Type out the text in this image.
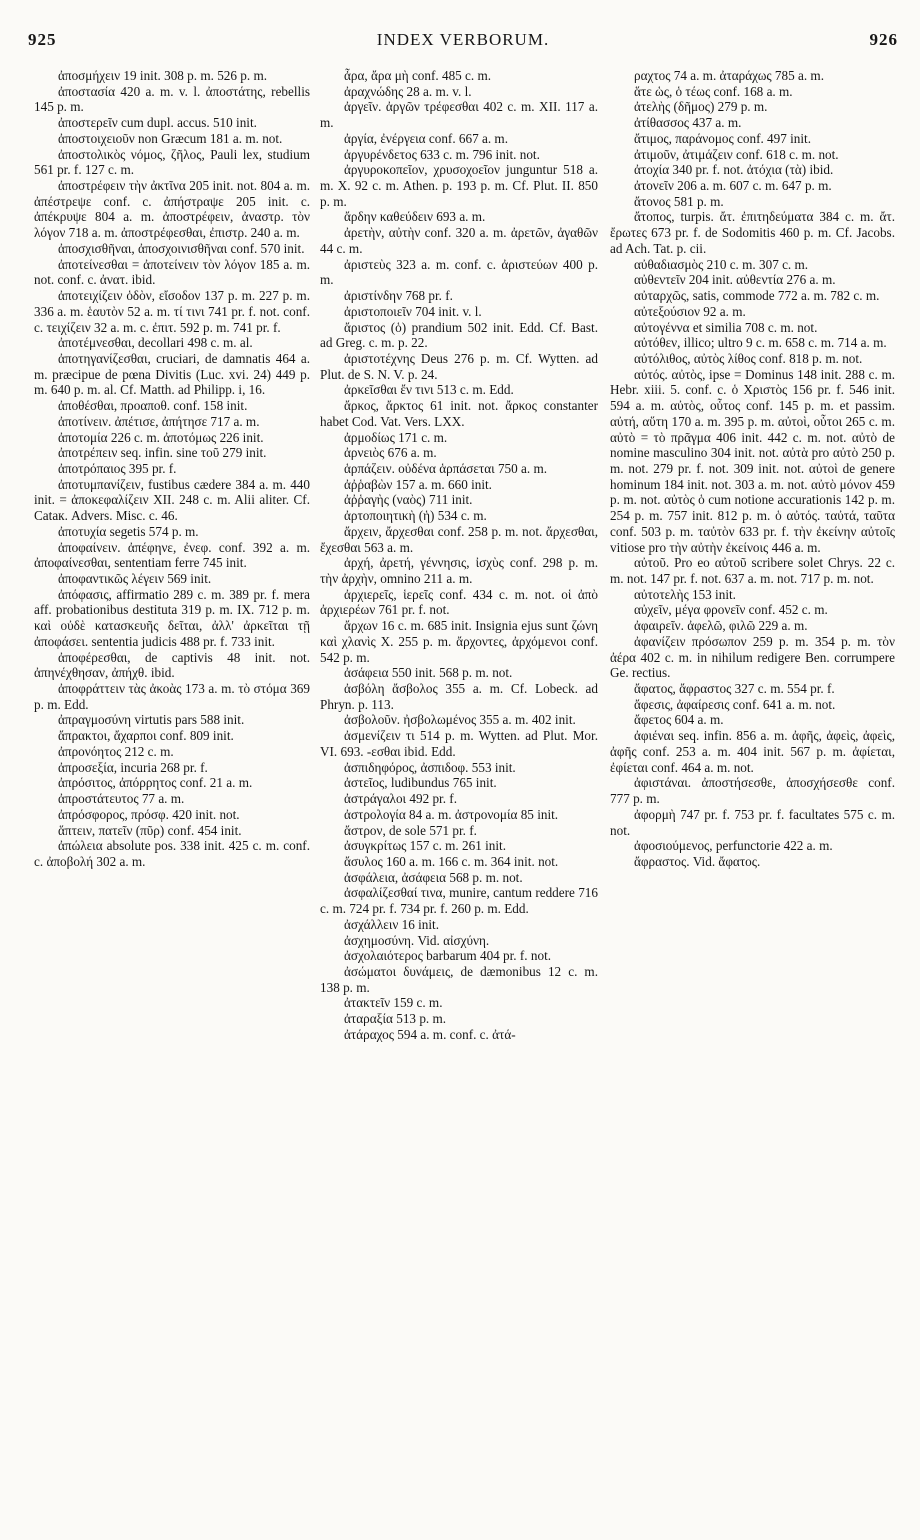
925	INDEX VERBORUM.	926

ἀποσμήχειν 19 init. 308 p. m. 526 p. m.

ἀποστασία 420 a. m. v. l. ἀποστάτης, rebellis 145 p. m.

ἀποστερεῖν cum dupl. accus. 510 init.

ἀποστοιχειοῦν non Græcum 181 a. m. not.

ἀποστολικὸς νόμος, ζῆλος, Pauli lex, studium 561 pr. f. 127 c. m.

ἀποστρέφειν τὴν ἀκτῖνα 205 init. not. 804 a. m. ἀπέστρεψε conf. c. ἀπήστραψε 205 init. c. ἀπέκρυψε 804 a. m. ἀποστρέφειν, ἀναστρ. τὸν λόγον 718 a. m. ἀποστρέφεσθαι, ἐπιστρ. 240 a. m.

ἀποσχισθῆναι, ἀποσχοινισθῆναι conf. 570 init.

ἀποτείνεσθαι = ἀποτείνειν τὸν λόγον 185 a. m. not. conf. c. ἀνατ. ibid.

ἀποτειχίζειν ὁδὸν, εἴσοδον 137 p. m. 227 p. m. 336 a. m. ἑαυτὸν 52 a. m. τί τινι 741 pr. f. not. conf. c. τειχίζειν 32 a. m. c. ἐπιτ. 592 p. m. 741 pr. f.

ἀποτέμνεσθαι, decollari 498 c. m. al.

ἀποτηγανίζεσθαι, cruciari, de damnatis 464 a. m. præcipue de pœna Divitis (Luc. xvi. 24) 449 p. m. 640 p. m. al. Cf. Matth. ad Philipp. i, 16.

ἀποθέσθαι, προαποθ. conf. 158 init.

ἀποτίνειν. ἀπέτισε, ἀπήτησε 717 a. m.

ἀποτομία 226 c. m. ἀποτόμως 226 init.

ἀποτρέπειν seq. infin. sine τοῦ 279 init.

ἀποτρόπαιος 395 pr. f.

ἀποτυμπανίζειν, fustibus cædere 384 a. m. 440 init. = ἀποκεφαλίζειν XII. 248 c. m. Alii aliter. Cf. Cataк. Advers. Misc. c. 46.

ἀποτυχία segetis 574 p. m.

ἀποφαίνειν. ἀπέφηνε, ἐνεφ. conf. 392 a. m. ἀποφαίνεσθαι, sententiam ferre 745 init.

ἀποφαντικῶς λέγειν 569 init.

ἀπόφασις, affirmatio 289 c. m. 389 pr. f. mera aff. probationibus destituta 319 p. m. IX. 712 p. m. καὶ οὐδὲ κατασκευῆς δεῖται, ἀλλ' ἀρκεῖται τῇ ἀποφάσει. sententia judicis 488 pr. f. 733 init.

ἀποφέρεσθαι, de captivis 48 init. not. ἀπηνέχθησαν, ἀπήχθ. ibid.

ἀποφράττειν τὰς ἀκοὰς 173 a. m. τὸ στόμα 369 p. m. Edd.

ἀπραγμοσύνη virtutis pars 588 init.

ἄπρακτοι, ἄχαρποι conf. 809 init.

ἀπρονόητος 212 c. m.

ἀπροσεξία, incuria 268 pr. f.

ἀπρόσιτος, ἀπόρρητος conf. 21 a. m.

ἀπροστάτευτος 77 a. m.

ἀπρόσφορος, πρόσφ. 420 init. not.

ἅπτειν, πατεῖν (πῦρ) conf. 454 init.

ἀπώλεια absolute pos. 338 init. 425 c. m. conf. c. ἀποβολή 302 a. m.

ἆρα, ἄρα μὴ conf. 485 c. m.

ἀραχνώδης 28 a. m. v. l.

ἀργεῖν. ἀργῶν τρέφεσθαι 402 c. m. XII. 117 a. m.

ἀργία, ἐνέργεια conf. 667 a. m.

ἀργυρένδετος 633 c. m. 796 init. not.

ἀργυροκοπεῖον, χρυσοχοεῖον junguntur 518 a. m. X. 92 c. m. Athen. p. 193 p. m. Cf. Plut. II. 850 p. m.

ἄρδην καθεύδειν 693 a. m.

ἀρετὴν, αὐτὴν conf. 320 a. m. ἀρετῶν, ἀγαθῶν 44 c. m.

ἀριστεὺς 323 a. m. conf. c. ἀριστεύων 400 p. m.

ἀριστίνδην 768 pr. f.

ἀριστοποιεῖν 704 init. v. l.

ἄριστος (ὁ) prandium 502 init. Edd. Cf. Bast. ad Greg. c. m. p. 22.

ἀριστοτέχνης Deus 276 p. m. Cf. Wytten. ad Plut. de S. N. V. p. 24.

ἀρκεῖσθαι ἔν τινι 513 c. m. Edd.

ἄρκος, ἄρκτος 61 init. not. ἄρκος constanter habet Cod. Vat. Vers. LXX.

ἀρμοδίως 171 c. m.

ἀρνειὸς 676 a. m.

ἁρπάζειν. οὐδένα ἁρπάσεται 750 a. m.

ἀῤῥαβὼν 157 a. m. 660 init.

ἀῤῥαγὴς (ναὸς) 711 init.

ἀρτοποιητικὴ (ἡ) 534 c. m.

ἄρχειν, ἄρχεσθαι conf. 258 p. m. not. ἄρχεσθαι, ἔχεσθαι 563 a. m.

ἀρχή, ἀρετή, γέννησις, ἰσχὺς conf. 298 p. m. τὴν ἀρχὴν, omnino 211 a. m.

ἀρχιερεῖς, ἱερεῖς conf. 434 c. m. not. οἱ ἀπὸ ἀρχιερέων 761 pr. f. not.

ἄρχων 16 c. m. 685 init. Insignia ejus sunt ζώνη καὶ χλανὶς X. 255 p. m. ἄρχοντες, ἀρχόμενοι conf. 542 p. m.

ἀσάφεια 550 init. 568 p. m. not.

ἀσβόλη ἄσβολος 355 a. m. Cf. Lobeck. ad Phryn. p. 113.

ἀσβολοῦν. ἠσβολωμένος 355 a. m. 402 init.

ἀσμενίζειν τι 514 p. m. Wytten. ad Plut. Mor. VI. 693. -εσθαι ibid. Edd.

ἀσπιδηφόρος, ἀσπιδοφ. 553 init.

ἀστεῖος, ludibundus 765 init.

ἀστράγαλοι 492 pr. f.

ἀστρολογία 84 a. m. ἀστρονομία 85 init.

ἄστρον, de sole 571 pr. f.

ἀσυγκρίτως 157 c. m. 261 init.

ἄσυλος 160 a. m. 166 c. m. 364 init. not.

ἀσφάλεια, ἀσάφεια 568 p. m. not.

ἀσφαλίζεσθαί τινα, munire, cantum reddere 716 c. m. 724 pr. f. 734 pr. f. 260 p. m. Edd.

ἀσχάλλειν 16 init.

ἀσχημοσύνη. Vid. αἰσχύνη.

ἀσχολαιότερος barbarum 404 pr. f. not.

ἀσώματοι δυνάμεις, de dæmonibus 12 c. m. 138 p. m.

ἀτακτεῖν 159 c. m.

ἀταραξία 513 p. m.

ἀτάραχος 594 a. m. conf. c. ἀτά-

ραχτος 74 a. m. ἀταράχως 785 a. m.

ἅτε ὡς, ὁ τέως conf. 168 a. m.

ἀτελὴς (δῆμος) 279 p. m.

ἀτίθασσος 437 a. m.

ἄτιμος, παράνομος conf. 497 init.

ἀτιμοῦν, ἀτιμάζειν conf. 618 c. m. not.

ἀτοχία 340 pr. f. not. ἀτόχια (τὰ) ibid.

ἀτονεῖν 206 a. m. 607 c. m. 647 p. m.

ἄτονος 581 p. m.

ἄτοπος, turpis. ἄτ. ἐπιτηδεύματα 384 c. m. ἄτ. ἔρωτες 673 pr. f. de Sodomitis 460 p. m. Cf. Jacobs. ad Ach. Tat. p. cii.

αὐθαδιασμὸς 210 c. m. 307 c. m.

αὐθεντεῖν 204 init. αὐθεντία 276 a. m.

αὐταρχῶς, satis, commode 772 a. m. 782 c. m.

αὐτεξούσιον 92 a. m.

αὐτογέννα et similia 708 c. m. not.

αὐτόθεν, illico; ultro 9 c. m. 658 c. m. 714 a. m.

αὐτόλιθος, αὐτὸς λίθος conf. 818 p. m. not.

αὐτός. αὐτὸς, ipse = Dominus 148 init. 288 c. m. Hebr. xiii. 5. conf. c. ὁ Χριστὸς 156 pr. f. 546 init. 594 a. m. αὐτὸς, οὗτος conf. 145 p. m. et passim. αὐτή, αὕτη 170 a. m. 395 p. m. αὐτοὶ, οὗτοι 265 c. m. αὐτὸ = τὸ πρᾶγμα 406 init. 442 c. m. not. αὐτὸ de nomine masculino 304 init. not. αὐτὰ pro αὐτὸ 250 p. m. not. 279 pr. f. not. 309 init. not. αὐτοὶ de genere hominum 184 init. not. 303 a. m. not. αὐτὸ μόνον 459 p. m. not. αὐτὸς ὁ cum notione accurationis 142 p. m. 254 p. m. 757 init. 812 p. m. ὁ αὐτός. ταὐτά, ταῦτα conf. 503 p. m. ταὐτὸν 633 pr. f. τὴν ἐκείνην αὐτοῖς vitiose pro τὴν αὐτὴν ἐκείνοις 446 a. m.

αὐτοῦ. Pro eo αὐτοῦ scribere solet Chrys. 22 c. m. not. 147 pr. f. not. 637 a. m. not. 717 p. m. not.

αὐτοτελὴς 153 init.

αὐχεῖν, μέγα φρονεῖν conf. 452 c. m.

ἀφαιρεῖν. ἀφελῶ, φιλῶ 229 a. m.

ἀφανίζειν πρόσωπον 259 p. m. 354 p. m. τὸν ἀέρα 402 c. m. in nihilum redigere Ben. corrumpere Ge. rectius.

ἄφατος, ἄφραστος 327 c. m. 554 pr. f.

ἄφεσις, ἀφαίρεσις conf. 641 a. m. not.

ἄφετος 604 a. m.

ἀφιέναι seq. infin. 856 a. m. ἀφῆς, ἀφεὶς, ἀφεὶς, ἀφῆς conf. 253 a. m. 404 init. 567 p. m. ἀφίεται, ἐφίεται conf. 464 a. m. not.

ἀφιστάναι. ἀποστήσεσθε, ἀποσχήσεσθε conf. 777 p. m.

ἀφορμὴ 747 pr. f. 753 pr. f. facultates 575 c. m. not.

ἀφοσιούμενος, perfunctorie 422 a. m.

ἄφραστος. Vid. ἄφατος.
